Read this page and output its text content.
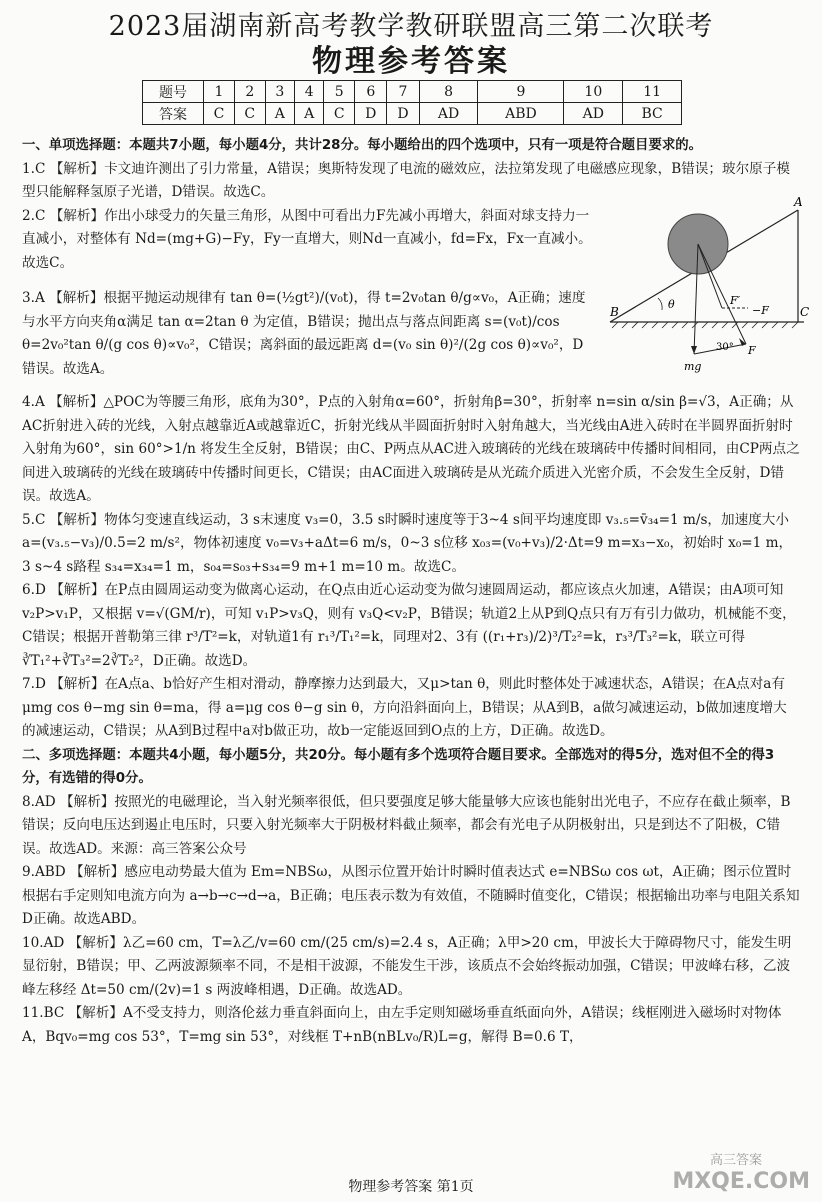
2023届湖南新高考教学教研联盟高三第二次联考
物理参考答案
题号	1	2	3	4	5	6	7	8	9	10	11
答案	C	C	A	A	C	D	D	AD	ABD	AD	BC

一、单项选择题：本题共7小题，每小题4分，共计28分。每小题给出的四个选项中，只有一项是符合题目要求的。

1.C 【解析】卡文迪许测出了引力常量，A错误；奥斯特发现了电流的磁效应，法拉第发现了电磁感应现象，B错误；玻尔原子模型只能解释氢原子光谱，D错误。故选C。

2.C 【解析】作出小球受力的矢量三角形，从图中可看出力F先减小再增大，斜面对球支持力一直减小，对整体有 Nd=(mg+G)−Fy，Fy一直增大，则Nd一直减小，fd=Fx，Fx一直减小。故选C。

3.A 【解析】根据平抛运动规律有 tan θ=(½gt²)/(v₀t)，得 t=2v₀tan θ/g∝v₀，A正确；速度与水平方向夹角α满足 tan α=2tan θ 为定值，B错误；抛出点与落点间距离 s=(v₀t)/cos θ=2v₀²tan θ/(g cos θ)∝v₀²，C错误；离斜面的最远距离 d=(v₀ sin θ)²/(2g cos θ)∝v₀²，D错误。故选A。

4.A 【解析】△POC为等腰三角形，底角为30°，P点的入射角α=60°，折射角β=30°，折射率 n=sin α/sin β=√3，A正确；从AC折射进入砖的光线，入射点越靠近A或越靠近C，折射光线从半圆面折射时入射角越大，当光线由A进入砖时在半圆界面折射时入射角为60°，sin 60°>1/n 将发生全反射，B错误；由C、P两点从AC进入玻璃砖的光线在玻璃砖中传播时间相同，由CP两点之间进入玻璃砖的光线在玻璃砖中传播时间更长，C错误；由AC面进入玻璃砖是从光疏介质进入光密介质，不会发生全反射，D错误。故选A。

5.C 【解析】物体匀变速直线运动，3 s末速度 v₃=0，3.5 s时瞬时速度等于3~4 s间平均速度即 v₃.₅=v̄₃₄=1 m/s，加速度大小 a=(v₃.₅−v₃)/0.5=2 m/s²，物体初速度 v₀=v₃+aΔt=6 m/s，0~3 s位移 x₀₃=(v₀+v₃)/2·Δt=9 m=x₃−x₀，初始时 x₀=1 m，3 s~4 s路程 s₃₄=x₃₄=1 m，s₀₄=s₀₃+s₃₄=9 m+1 m=10 m。故选C。

6.D 【解析】在P点由圆周运动变为做离心运动，在Q点由近心运动变为做匀速圆周运动，都应该点火加速，A错误；由A项可知 v₂P>v₁P，又根据 v=√(GM/r)，可知 v₁P>v₃Q，则有 v₃Q<v₂P，B错误；轨道2上从P到Q点只有万有引力做功，机械能不变，C错误；根据开普勒第三律 r³/T²=k，对轨道1有 r₁³/T₁²=k，同理对2、3有 ((r₁+r₃)/2)³/T₂²=k，r₃³/T₃²=k，联立可得 ∛T₁²+∛T₃²=2∛T₂²，D正确。故选D。

7.D 【解析】在A点a、b恰好产生相对滑动，静摩擦力达到最大，又μ>tan θ，则此时整体处于减速状态，A错误；在A点对a有 μmg cos θ−mg sin θ=ma，得 a=μg cos θ−g sin θ，方向沿斜面向上，B错误；从A到B，a做匀减速运动，b做加速度增大的减速运动，C错误；从A到B过程中a对b做正功，故b一定能返回到O点的上方，D正确。故选D。

二、多项选择题：本题共4小题，每小题5分，共20分。每小题有多个选项符合题目要求。全部选对的得5分，选对但不全的得3分，有选错的得0分。

8.AD 【解析】按照光的电磁理论，当入射光频率很低，但只要强度足够大能量够大应该也能射出光电子，不应存在截止频率，B错误；反向电压达到遏止电压时，只要入射光频率大于阴极材料截止频率，都会有光电子从阴极射出，只是到达不了阳极，C错误。故选AD。来源：高三答案公众号

9.ABD 【解析】感应电动势最大值为 Em=NBSω，从图示位置开始计时瞬时值表达式 e=NBSω cos ωt，A正确；图示位置时根据右手定则知电流方向为 a→b→c→d→a，B正确；电压表示数为有效值，不随瞬时值变化，C错误；根据输出功率与电阻关系知D正确。故选ABD。

10.AD 【解析】λ乙=60 cm，T=λ乙/v=60 cm/(25 cm/s)=2.4 s，A正确；λ甲>20 cm，甲波长大于障碍物尺寸，能发生明显衍射，B错误；甲、乙两波源频率不同，不是相干波源，不能发生干涉，该质点不会始终振动加强，C错误；甲波峰右移，乙波峰左移经 Δt=50 cm/(2v)=1 s 两波峰相遇，D正确。故选AD。

11.BC 【解析】A不受支持力，则洛伦兹力垂直斜面向上，由左手定则知磁场垂直纸面向外，A错误；线框刚进入磁场时对物体A，Bqv₀=mg cos 53°，T=mg sin 53°，对线框 T+nB(nBLv₀/R)L=g，解得 B=0.6 T，

A
B	C
θ	F′
−F
F
30°
mg
物理参考答案 第1页
高三答案
MXQE.COM
